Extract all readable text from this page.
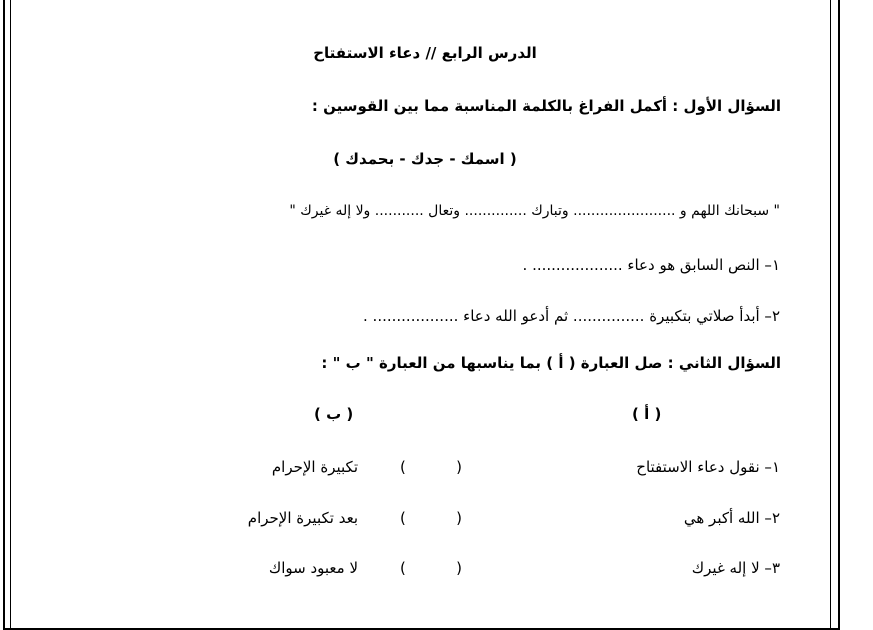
الدرس الرابع // دعاء الاستفتاح
السؤال الأول : أكمل الفراغ بالكلمة المناسبة مما بين القوسين :
( اسمك - جدك - بحمدك )
" سبحانك اللهم و ....................... وتبارك .............. وتعال ........... ولا إله غيرك "
١– النص السابق هو دعاء ................... .
٢– أبدأ صلاتي بتكبيرة ............... ثم أدعو الله دعاء .................. .
السؤال الثاني : صل العبارة ( أ ) بما يناسبها من العبارة " ب " :
( أ )
( ب )
١– نقول دعاء الاستفتاح
(
)
تكبيرة الإحرام
٢– الله أكبر هي
(
)
بعد تكبيرة الإحرام
٣– لا إله غيرك
(
)
لا معبود سواك
